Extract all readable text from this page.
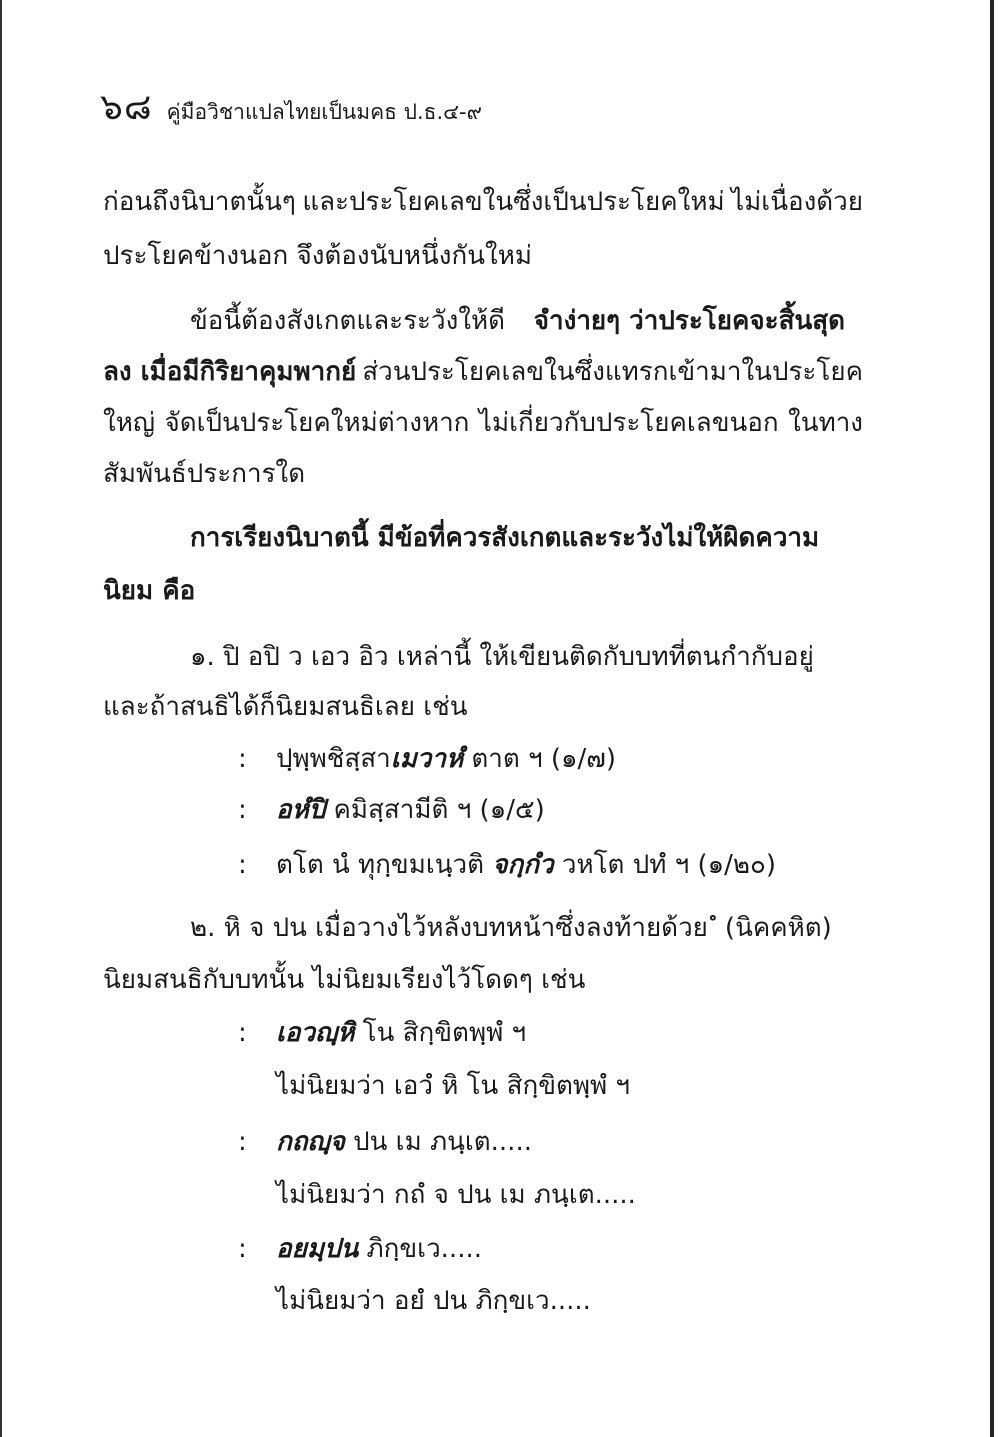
๖๘ คู่มือวิชาแปลไทยเป็นมคธ ป.ธ.๔-๙
ก่อนถึงนิบาตนั้นๆ และประโยคเลขในซึ่งเป็นประโยคใหม่ ไม่เนื่องด้วย
ประโยคข้างนอก จึงต้องนับหนึ่งกันใหม่
ข้อนี้ต้องสังเกตและระวังให้ดี จำง่ายๆ ว่าประโยคจะสิ้นสุด
ลง เมื่อมีกิริยาคุมพากย์ ส่วนประโยคเลขในซึ่งแทรกเข้ามาในประโยค
ใหญ่ จัดเป็นประโยคใหม่ต่างหาก ไม่เกี่ยวกับประโยคเลขนอก ในทาง
สัมพันธ์ประการใด
การเรียงนิบาตนี้ มีข้อที่ควรสังเกตและระวังไม่ให้ผิดความ
นิยม คือ
๑. ปิ อปิ ว เอว อิว เหล่านี้ ให้เขียนติดกับบทที่ตนกำกับอยู่
และถ้าสนธิได้ก็นิยมสนธิเลย เช่น
: ปฺพฺพชิสฺสาเมวาหํ ตาต ฯ (๑/๗)
: อหํปิ คมิสฺสามีติ ฯ (๑/๕)
: ตโต นํ ทุกฺขมเนฺวติ จกฺกํว วหโต ปทํ ฯ (๑/๒๐)
๒. หิ จ ปน เมื่อวางไว้หลังบทหน้าซึ่งลงท้ายด้วย ํ (นิคคหิต)
นิยมสนธิกับบทนั้น ไม่นิยมเรียงไว้โดดๆ เช่น
: เอวญฺหิ โน สิกฺขิตพฺพํ ฯ
ไม่นิยมว่า เอวํ หิ โน สิกฺขิตพฺพํ ฯ
: กถญฺจ ปน เม ภนฺเต.....
ไม่นิยมว่า กถํ จ ปน เม ภนฺเต.....
: อยมฺปน ภิกฺขเว.....
ไม่นิยมว่า อยํ ปน ภิกฺขเว.....
